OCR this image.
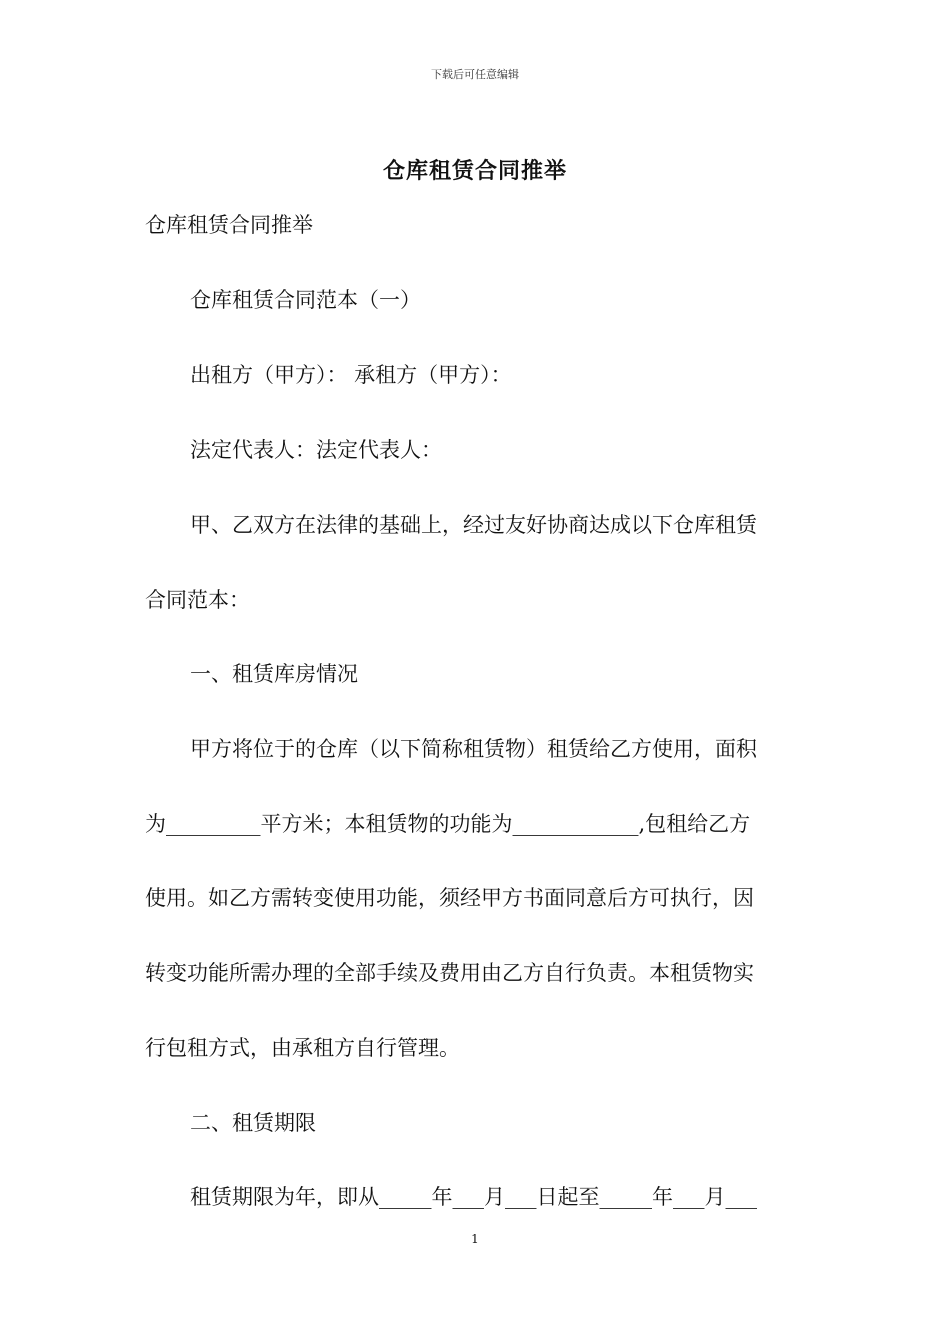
下载后可任意编辑
仓库租赁合同推举
仓库租赁合同推举
仓库租赁合同范本（一）
出租方（甲方）： 承租方（甲方）：
法定代表人：法定代表人：
甲、乙双方在法律的基础上，经过友好协商达成以下仓库租赁
合同范本：
一、租赁库房情况
甲方将位于的仓库（以下简称租赁物）租赁给乙方使用，面积
为_________平方米；本租赁物的功能为____________,包租给乙方
使用。如乙方需转变使用功能，须经甲方书面同意后方可执行，因
转变功能所需办理的全部手续及费用由乙方自行负责。本租赁物实
行包租方式，由承租方自行管理。
二、租赁期限
租赁期限为年，即从_____年___月___日起至_____年___月___
1
